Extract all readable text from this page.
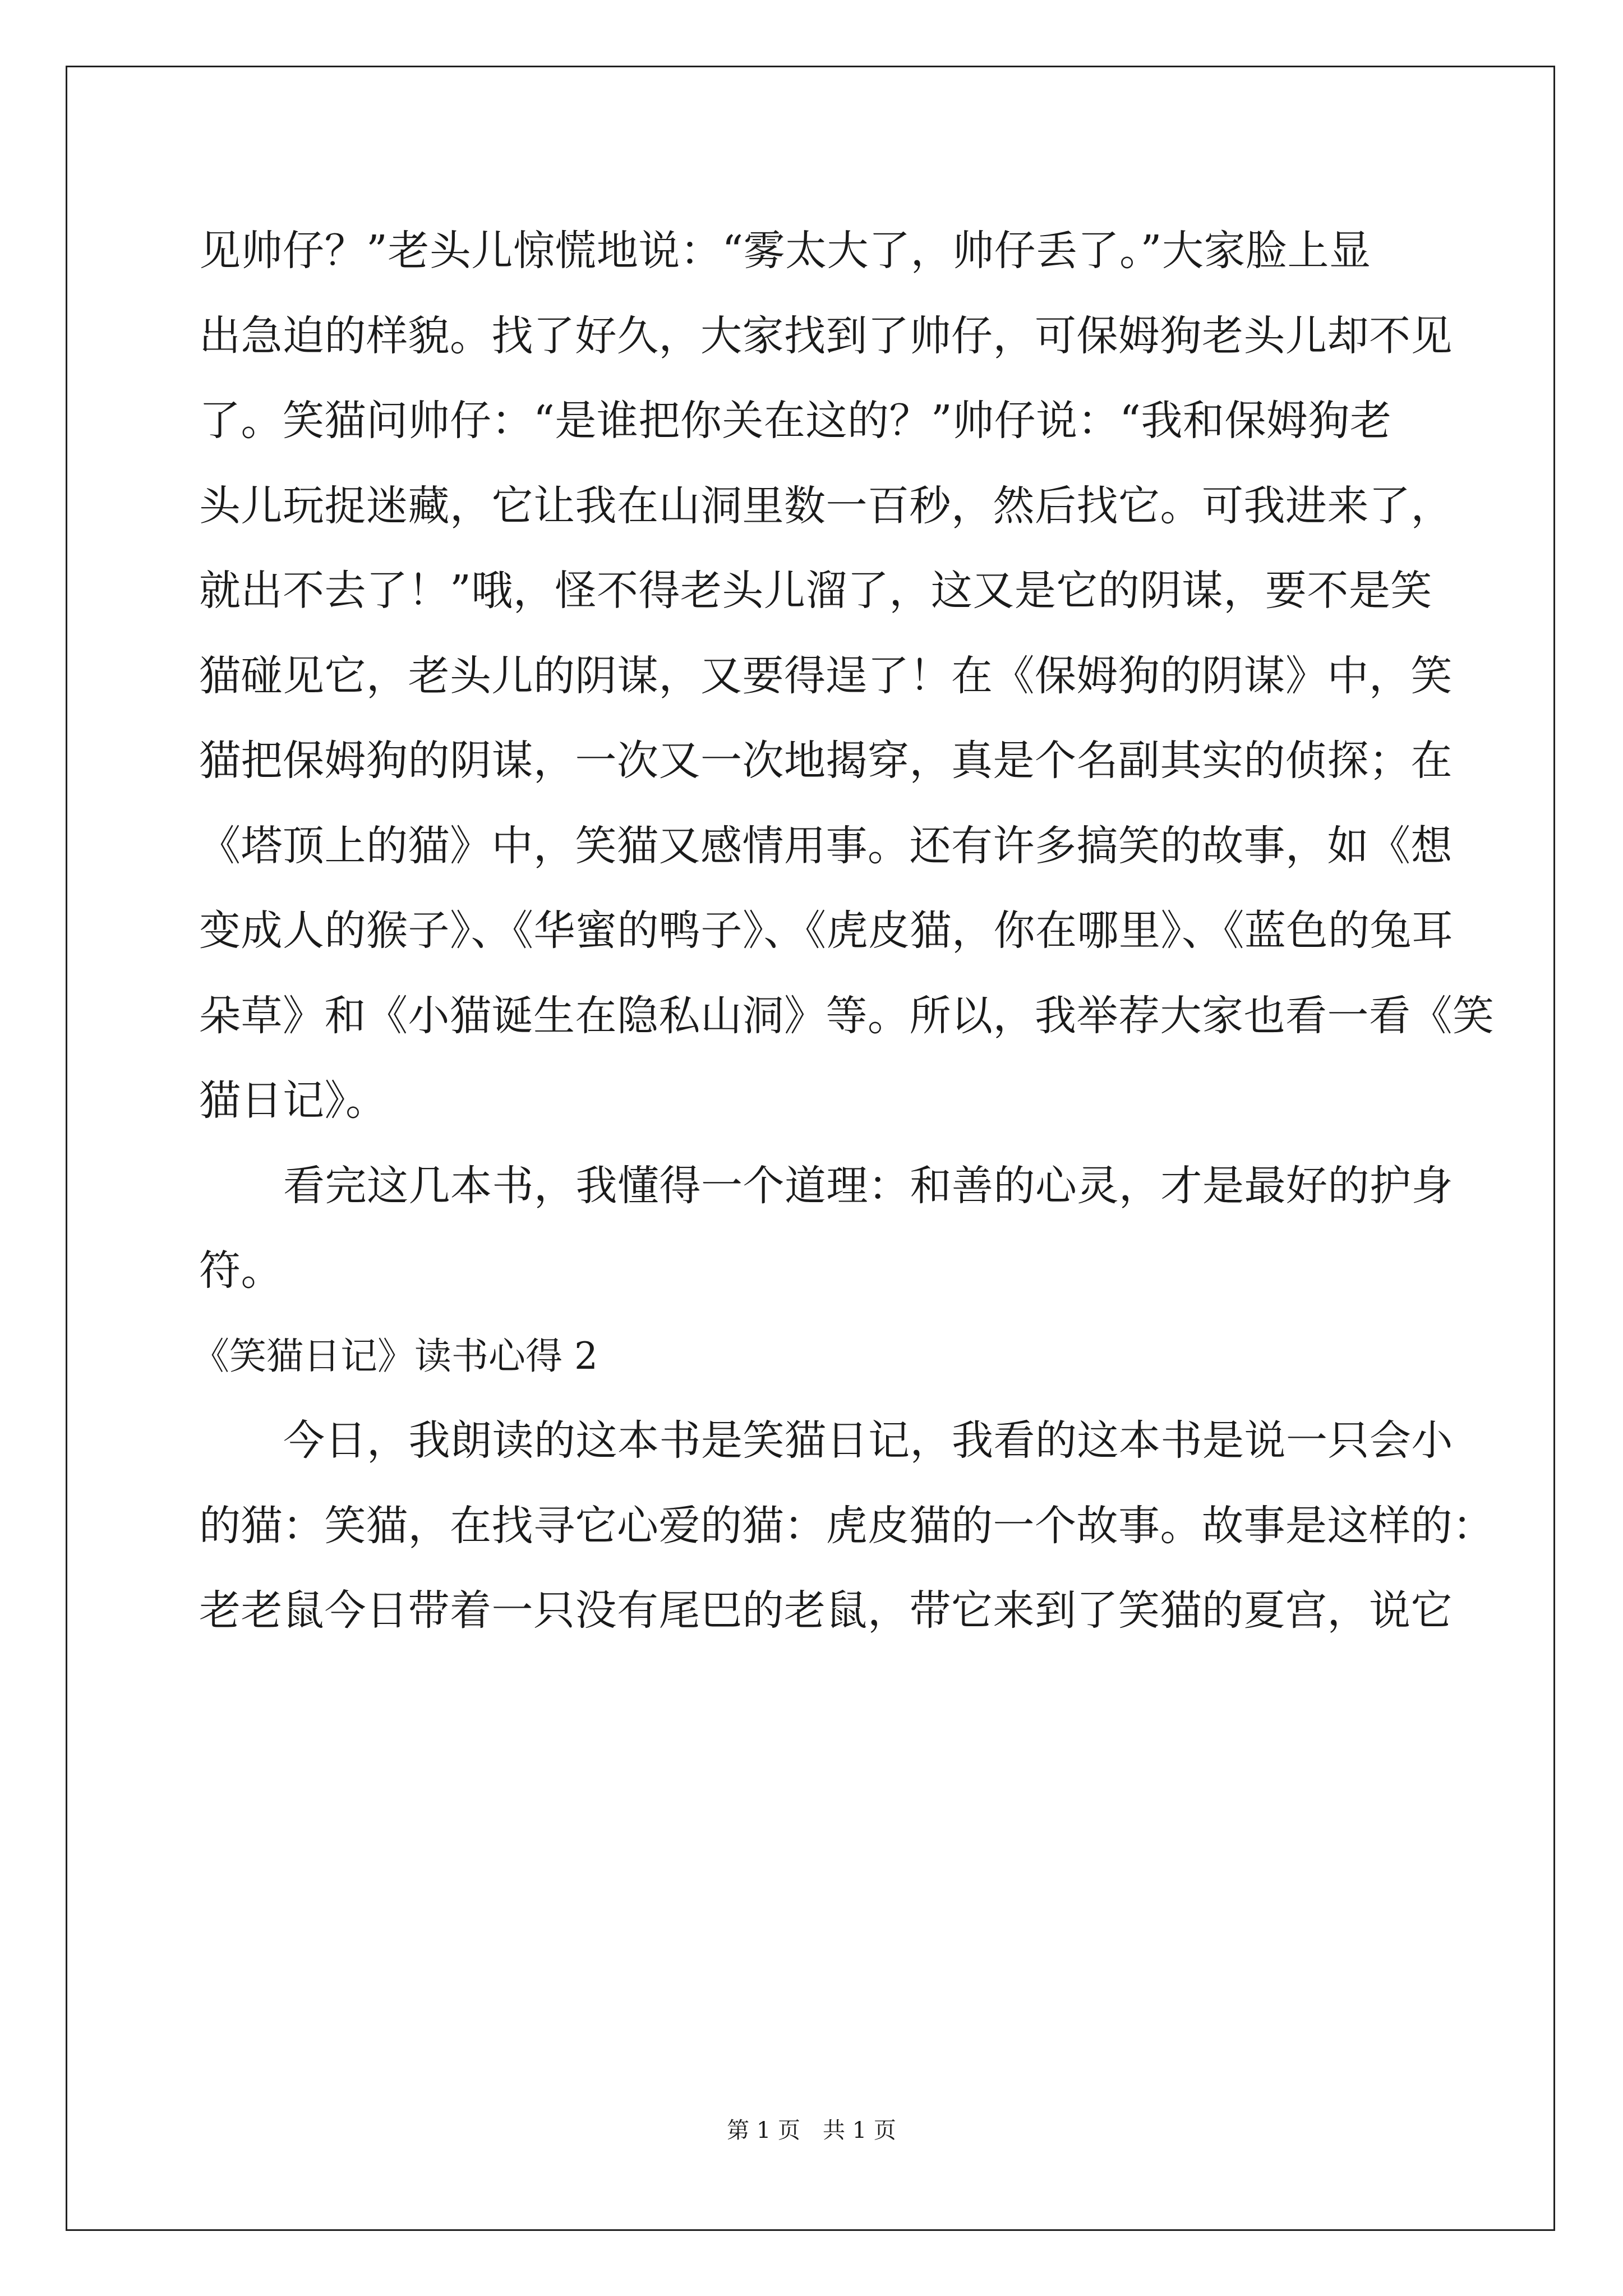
见帅仔？”老头儿惊慌地说：“雾太大了，帅仔丢了。”大家脸上显
出急迫的样貌。找了好久，大家找到了帅仔，可保姆狗老头儿却不见
了。笑猫问帅仔：“是谁把你关在这的？”帅仔说：“我和保姆狗老
头儿玩捉迷藏，它让我在山洞里数一百秒，然后找它。可我进来了，
就出不去了！”哦，怪不得老头儿溜了，这又是它的阴谋，要不是笑
猫碰见它，老头儿的阴谋，又要得逞了！在《保姆狗的阴谋》中，笑
猫把保姆狗的阴谋，一次又一次地揭穿，真是个名副其实的侦探；在
《塔顶上的猫》中，笑猫又感情用事。还有许多搞笑的故事，如《想
变成人的猴子》、《华蜜的鸭子》、《虎皮猫，你在哪里》、《蓝色的兔耳
朵草》和《小猫诞生在隐私山洞》等。所以，我举荐大家也看一看《笑
猫日记》。
看完这几本书，我懂得一个道理：和善的心灵，才是最好的护身
符。
《笑猫日记》读书心得 2
今日，我朗读的这本书是笑猫日记，我看的这本书是说一只会小
的猫：笑猫，在找寻它心爱的猫：虎皮猫的一个故事。故事是这样的：
老老鼠今日带着一只没有尾巴的老鼠，带它来到了笑猫的夏宫，说它
第 1 页 共 1 页
